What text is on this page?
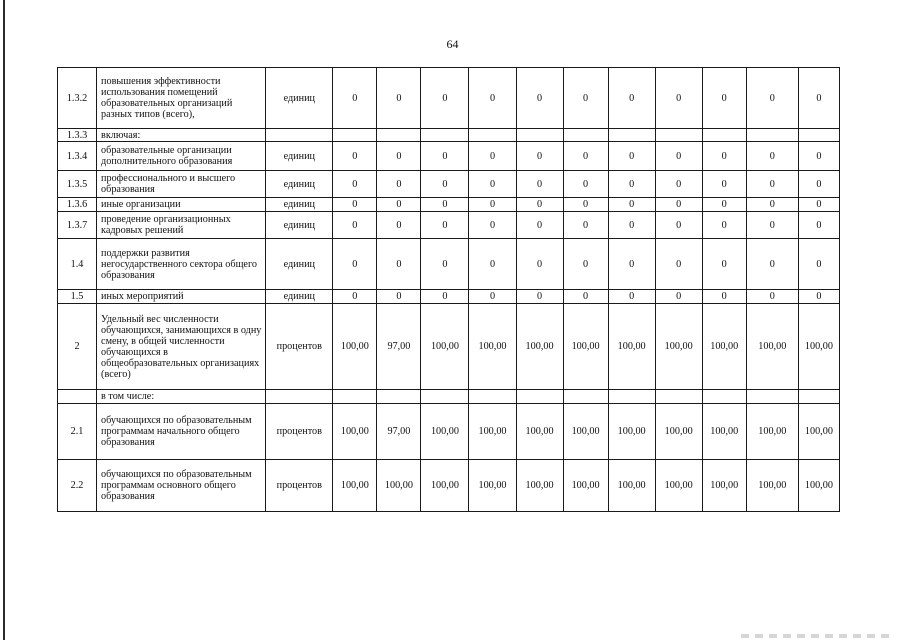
64
1.3.2	повышения эффективности использования помещений образовательных организаций разных типов (всего),	единиц	0	0	0	0	0	0	0	0	0	0	0
1.3.3	включая:												
1.3.4	образовательные организации дополнительного образования	единиц	0	0	0	0	0	0	0	0	0	0	0
1.3.5	профессионального и высшего образования	единиц	0	0	0	0	0	0	0	0	0	0	0
1.3.6	иные организации	единиц	0	0	0	0	0	0	0	0	0	0	0
1.3.7	проведение организационных кадровых решений	единиц	0	0	0	0	0	0	0	0	0	0	0
1.4	поддержки развития негосударственного сектора общего образования	единиц	0	0	0	0	0	0	0	0	0	0	0
1.5	иных мероприятий	единиц	0	0	0	0	0	0	0	0	0	0	0
2	Удельный вес численности обучающихся, занимающихся в одну смену, в общей численности обучающихся в общеобразовательных организациях (всего)	процентов	100,00	97,00	100,00	100,00	100,00	100,00	100,00	100,00	100,00	100,00	100,00
	в том числе:												
2.1	обучающихся по образовательным программам начального общего образования	процентов	100,00	97,00	100,00	100,00	100,00	100,00	100,00	100,00	100,00	100,00	100,00
2.2	обучающихся по образовательным программам основного общего образования	процентов	100,00	100,00	100,00	100,00	100,00	100,00	100,00	100,00	100,00	100,00	100,00
